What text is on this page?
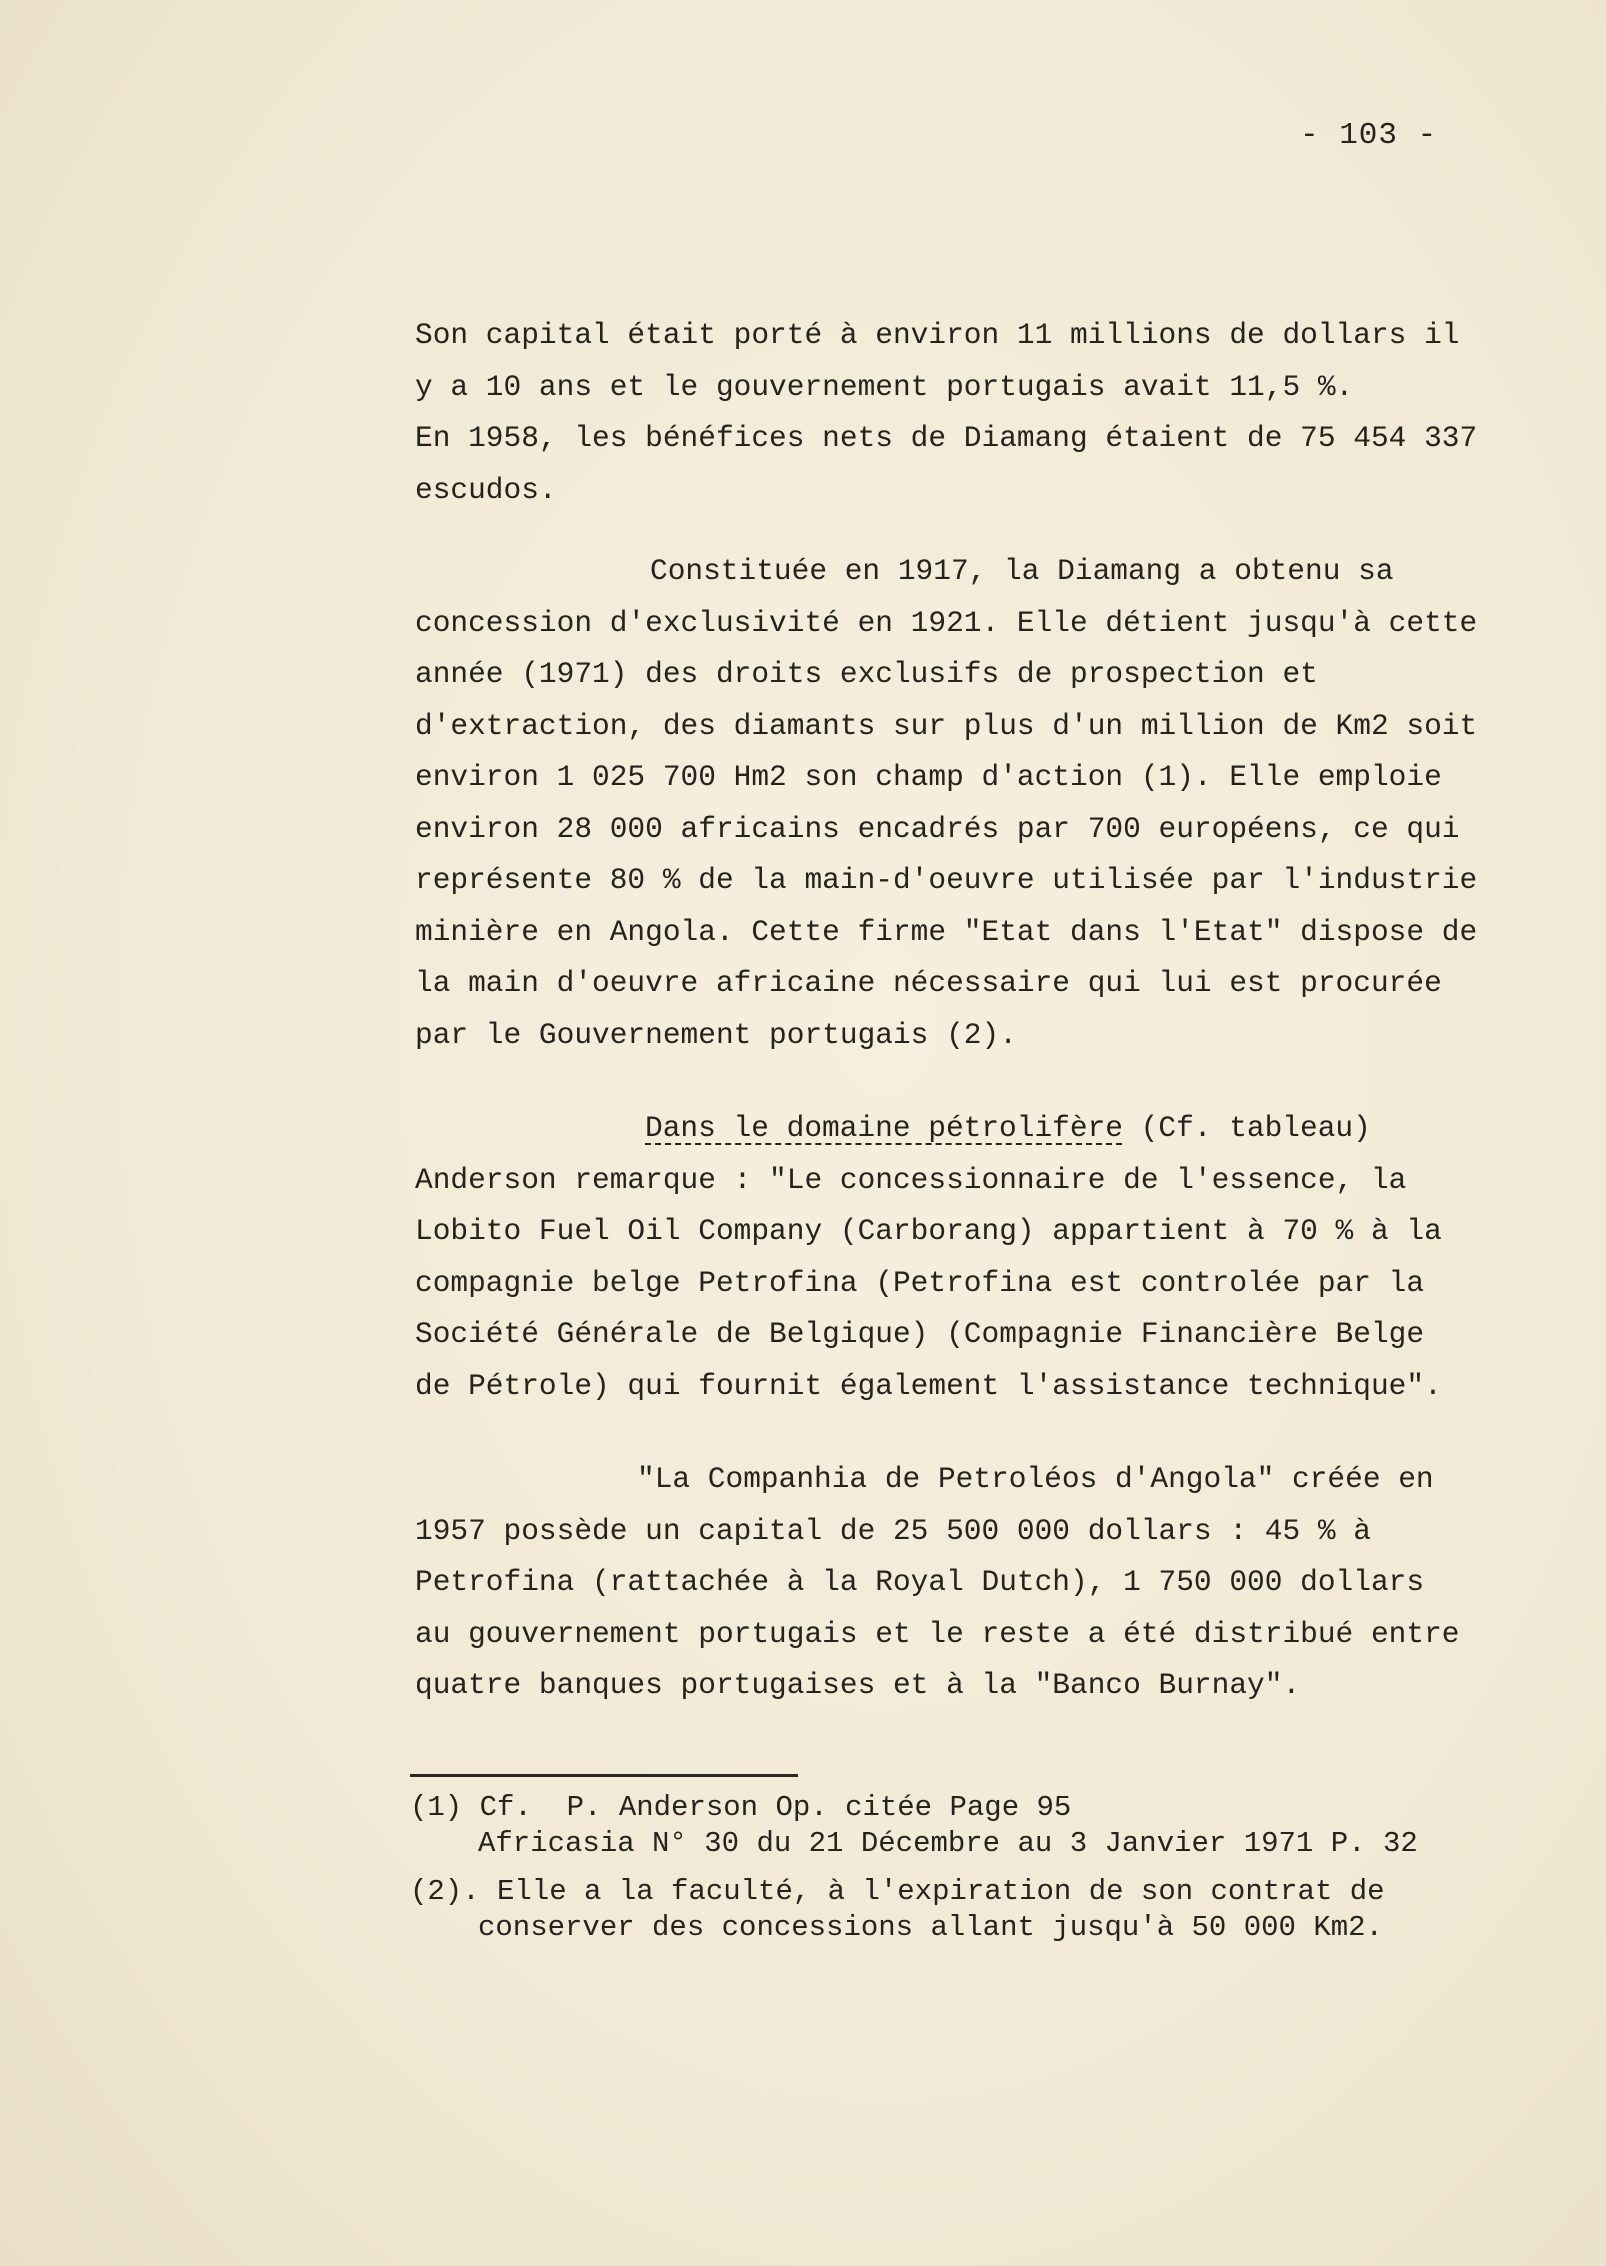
- 103 -
Son capital était porté à environ 11 millions de dollars il
y a 10 ans et le gouvernement portugais avait 11,5 %.
En 1958, les bénéfices nets de Diamang étaient de 75 454 337
escudos.
Constituée en 1917, la Diamang a obtenu sa
concession d'exclusivité en 1921. Elle détient jusqu'à cette
année (1971) des droits exclusifs de prospection et
d'extraction, des diamants sur plus d'un million de Km2 soit
environ 1 025 700 Hm2 son champ d'action (1). Elle emploie
environ 28 000 africains encadrés par 700 européens, ce qui
représente 80 % de la main-d'oeuvre utilisée par l'industrie
minière en Angola. Cette firme "Etat dans l'Etat" dispose de
la main d'oeuvre africaine nécessaire qui lui est procurée
par le Gouvernement portugais (2).
Dans le domaine pétrolifère (Cf. tableau)
Anderson remarque : "Le concessionnaire de l'essence, la
Lobito Fuel Oil Company (Carborang) appartient à 70 % à la
compagnie belge Petrofina (Petrofina est controlée par la
Société Générale de Belgique) (Compagnie Financière Belge
de Pétrole) qui fournit également l'assistance technique".
"La Companhia de Petroléos d'Angola" créée en
1957 possède un capital de 25 500 000 dollars : 45 % à
Petrofina (rattachée à la Royal Dutch), 1 750 000 dollars
au gouvernement portugais et le reste a été distribué entre
quatre banques portugaises et à la "Banco Burnay".
(1) Cf.  P. Anderson Op. citée Page 95
Africasia N° 30 du 21 Décembre au 3 Janvier 1971 P. 32
(2). Elle a la faculté, à l'expiration de son contrat de
conserver des concessions allant jusqu'à 50 000 Km2.
